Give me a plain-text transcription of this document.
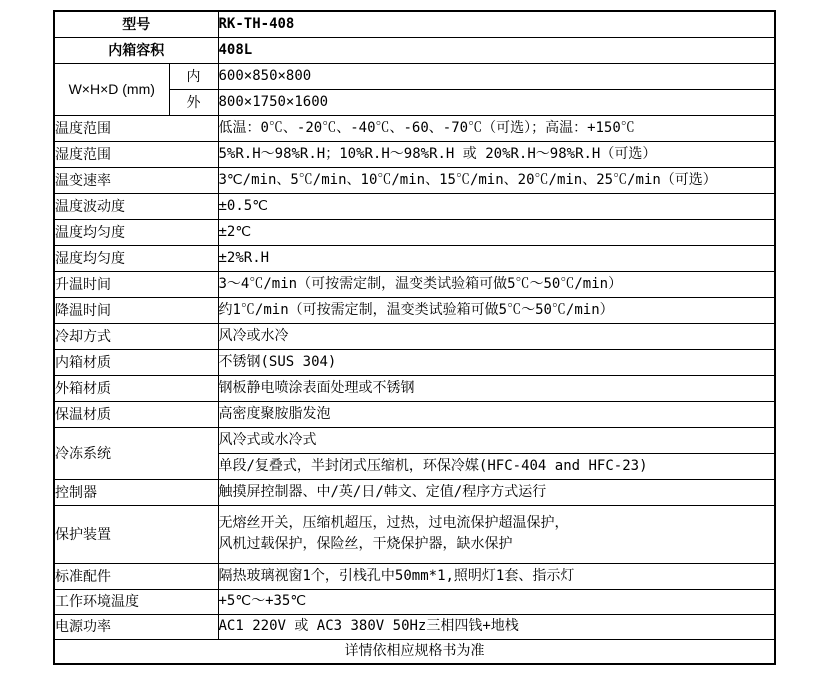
型号		RK-TH-408
内箱容积		408L
W×H×D (mm)	内	600×850×800
	外	800×1750×1600
温度范围		低温：0℃、-20℃、-40℃、-60、-70℃（可选）；高温：+150℃
湿度范围		5%R.H～98%R.H；10%R.H～98%R.H 或 20%R.H～98%R.H（可选）
温变速率		3℃/min、5℃/min、10℃/min、15℃/min、20℃/min、25℃/min（可选）
温度波动度		±0.5℃
温度均匀度		±2℃
湿度均匀度		±2%R.H
升温时间		3～4℃/min（可按需定制，温变类试验箱可做5℃～50℃/min）
降温时间		约1℃/min（可按需定制，温变类试验箱可做5℃～50℃/min）
冷却方式		风冷或水冷
内箱材质		不锈钢(SUS 304)
外箱材质		钢板静电喷涂表面处理或不锈钢
保温材质		高密度聚胺脂发泡
冷冻系统		风冷式或水冷式
		单段/复叠式，半封闭式压缩机，环保冷媒(HFC-404 and HFC-23)
控制器		触摸屏控制器、中/英/日/韩文、定值/程序方式运行
保护装置		无熔丝开关，压缩机超压，过热，过电流保护超温保护，
风机过载保护，保险丝，干烧保护器，缺水保护

标准配件		隔热玻璃视窗1个，引栈孔中50mm*1,照明灯1套、指示灯
工作环境温度		+5℃～+35℃
电源功率		AC1 220V 或 AC3 380V 50Hz三相四钱+地栈
详情依相应规格书为准		
